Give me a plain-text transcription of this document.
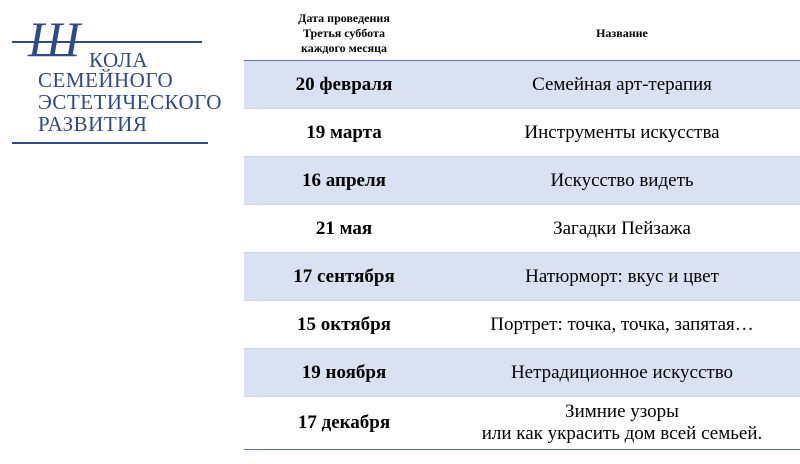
Ш КОЛА
СЕМЕЙНОГО
ЭСТЕТИЧЕСКОГО
РАЗВИТИЯ
Дата проведения
Третья суббота
каждого месяца	Название
20 февраля	Семейная арт-терапия
19 марта	Инструменты искусства
16 апреля	Искусство видеть
21 мая	Загадки Пейзажа
17 сентября	Натюрморт: вкус и цвет
15 октября	Портрет: точка, точка, запятая…
19 ноября	Нетрадиционное искусство
17 декабря	Зимние узоры
или как украсить дом всей семьей.
